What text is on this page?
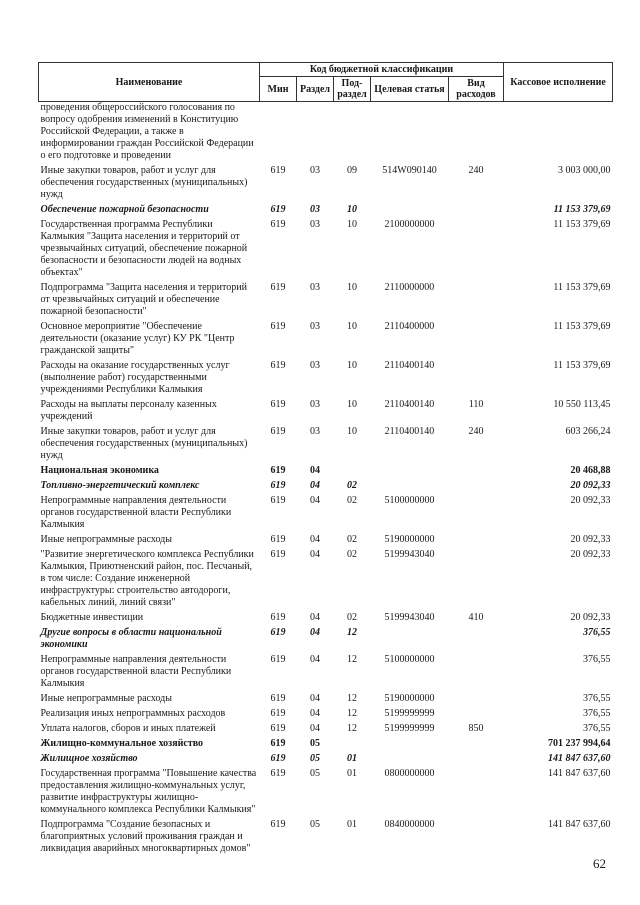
Наименование	Код бюджетной классификации					Кассовое исполнение
	Мин	Раздел	Под-раздел	Целевая статья	Вид расходов	
проведения общероссийского голосования по вопросу одобрения изменений в Конституцию Российской Федерации, а также в информировании граждан Российской Федерации о его подготовке и проведении						
Иные закупки товаров, работ и услуг для обеспечения государственных (муниципальных) нужд	619	03	09	514W090140	240	3 003 000,00
Обеспечение пожарной безопасности	619	03	10			11 153 379,69
Государственная программа Республики Калмыкия "Защита населения и территорий от чрезвычайных ситуаций, обеспечение пожарной безопасности и безопасности людей на водных объектах"	619	03	10	2100000000		11 153 379,69
Подпрограмма "Защита населения и территорий от чрезвычайных ситуаций и обеспечение пожарной безопасности"	619	03	10	2110000000		11 153 379,69
Основное мероприятие "Обеспечение деятельности (оказание услуг) КУ РК "Центр гражданской защиты"	619	03	10	2110400000		11 153 379,69
Расходы на оказание государственных услуг (выполнение работ) государственными учреждениями Республики Калмыкия	619	03	10	2110400140		11 153 379,69
Расходы на выплаты персоналу казенных учреждений	619	03	10	2110400140	110	10 550 113,45
Иные закупки товаров, работ и услуг для обеспечения государственных (муниципальных) нужд	619	03	10	2110400140	240	603 266,24
Национальная экономика	619	04				20 468,88
Топливно-энергетический комплекс	619	04	02			20 092,33
Непрограммные направления деятельности органов государственной власти Республики Калмыкия	619	04	02	5100000000		20 092,33
Иные непрограммные расходы	619	04	02	5190000000		20 092,33
"Развитие энергетического комплекса Республики Калмыкия, Приютненский район, пос. Песчаный, в том числе: Создание инженерной инфраструктуры: строительство автодороги, кабельных линий, линий связи"	619	04	02	5199943040		20 092,33
Бюджетные инвестиции	619	04	02	5199943040	410	20 092,33
Другие вопросы в области национальной экономики	619	04	12			376,55
Непрограммные направления деятельности органов государственной власти Республики Калмыкия	619	04	12	5100000000		376,55
Иные непрограммные расходы	619	04	12	5190000000		376,55
Реализация иных непрограммных расходов	619	04	12	5199999999		376,55
Уплата налогов, сборов и иных платежей	619	04	12	5199999999	850	376,55
Жилищно-коммунальное хозяйство	619	05				701 237 994,64
Жилищное хозяйство	619	05	01			141 847 637,60
Государственная программа "Повышение качества предоставления жилищно-коммунальных услуг, развитие инфраструктуры жилищно-коммунального комплекса Республики Калмыкия"	619	05	01	0800000000		141 847 637,60
Подпрограмма "Создание безопасных и благоприятных условий проживания граждан и ликвидация аварийных многоквартирных домов"	619	05	01	0840000000		141 847 637,60
62
